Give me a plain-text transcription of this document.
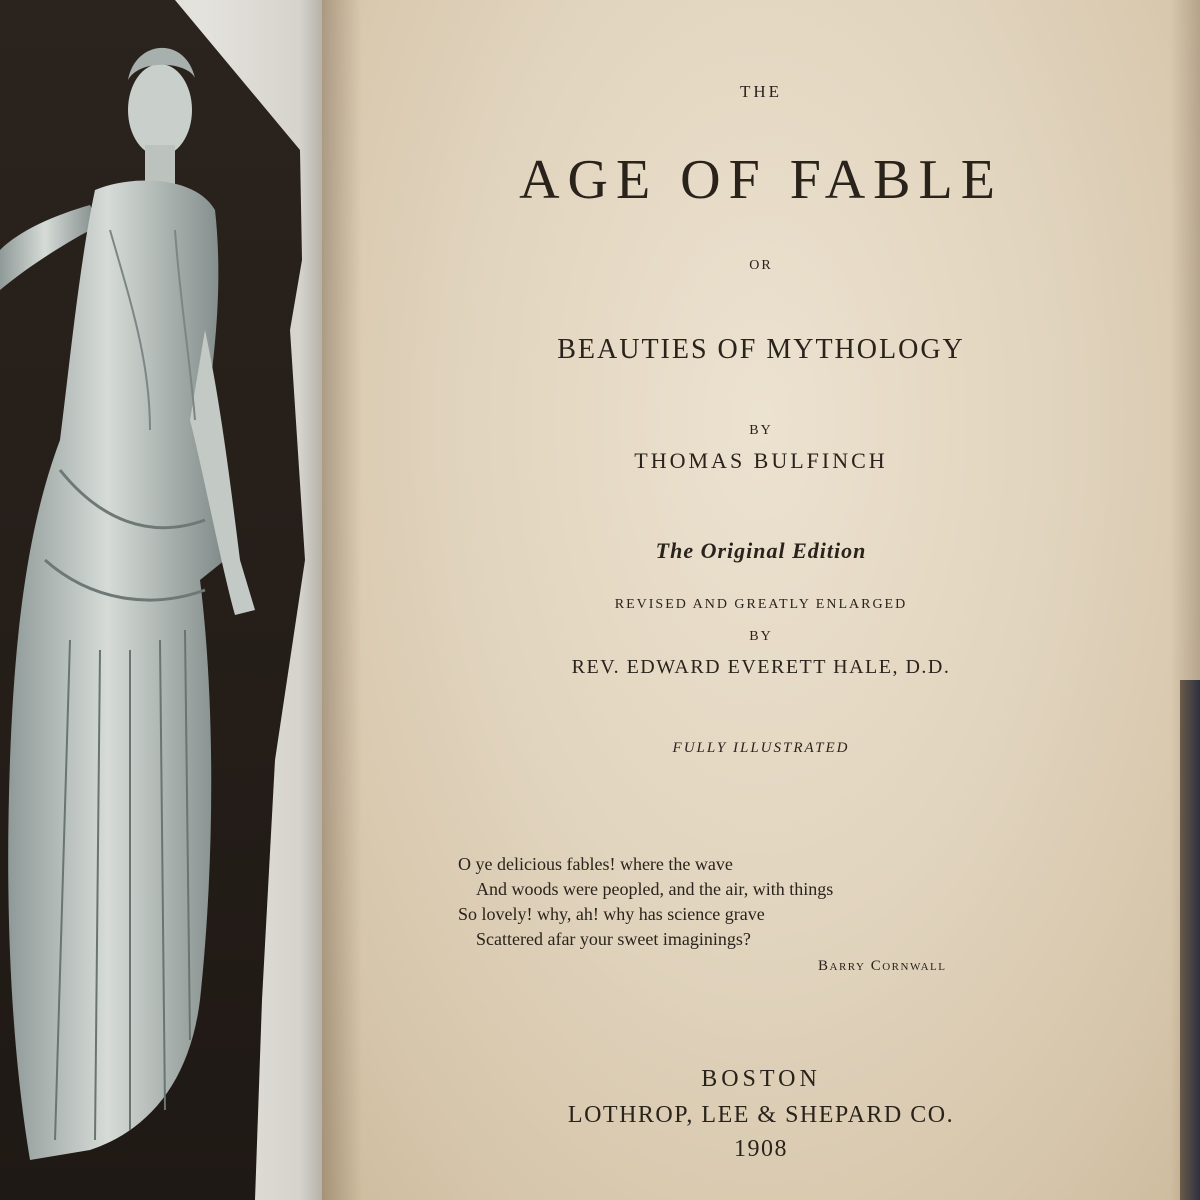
THE

AGE OF FABLE

OR

BEAUTIES OF MYTHOLOGY

BY

THOMAS BULFINCH

The Original Edition

REVISED AND GREATLY ENLARGED

BY

REV. EDWARD EVERETT HALE, D.D.

FULLY ILLUSTRATED

O ye delicious fables! where the wave
And woods were peopled, and the air, with things
So lovely! why, ah! why has science grave
Scattered afar your sweet imaginings?
Barry Cornwall

BOSTON

LOTHROP, LEE & SHEPARD CO.

1908
